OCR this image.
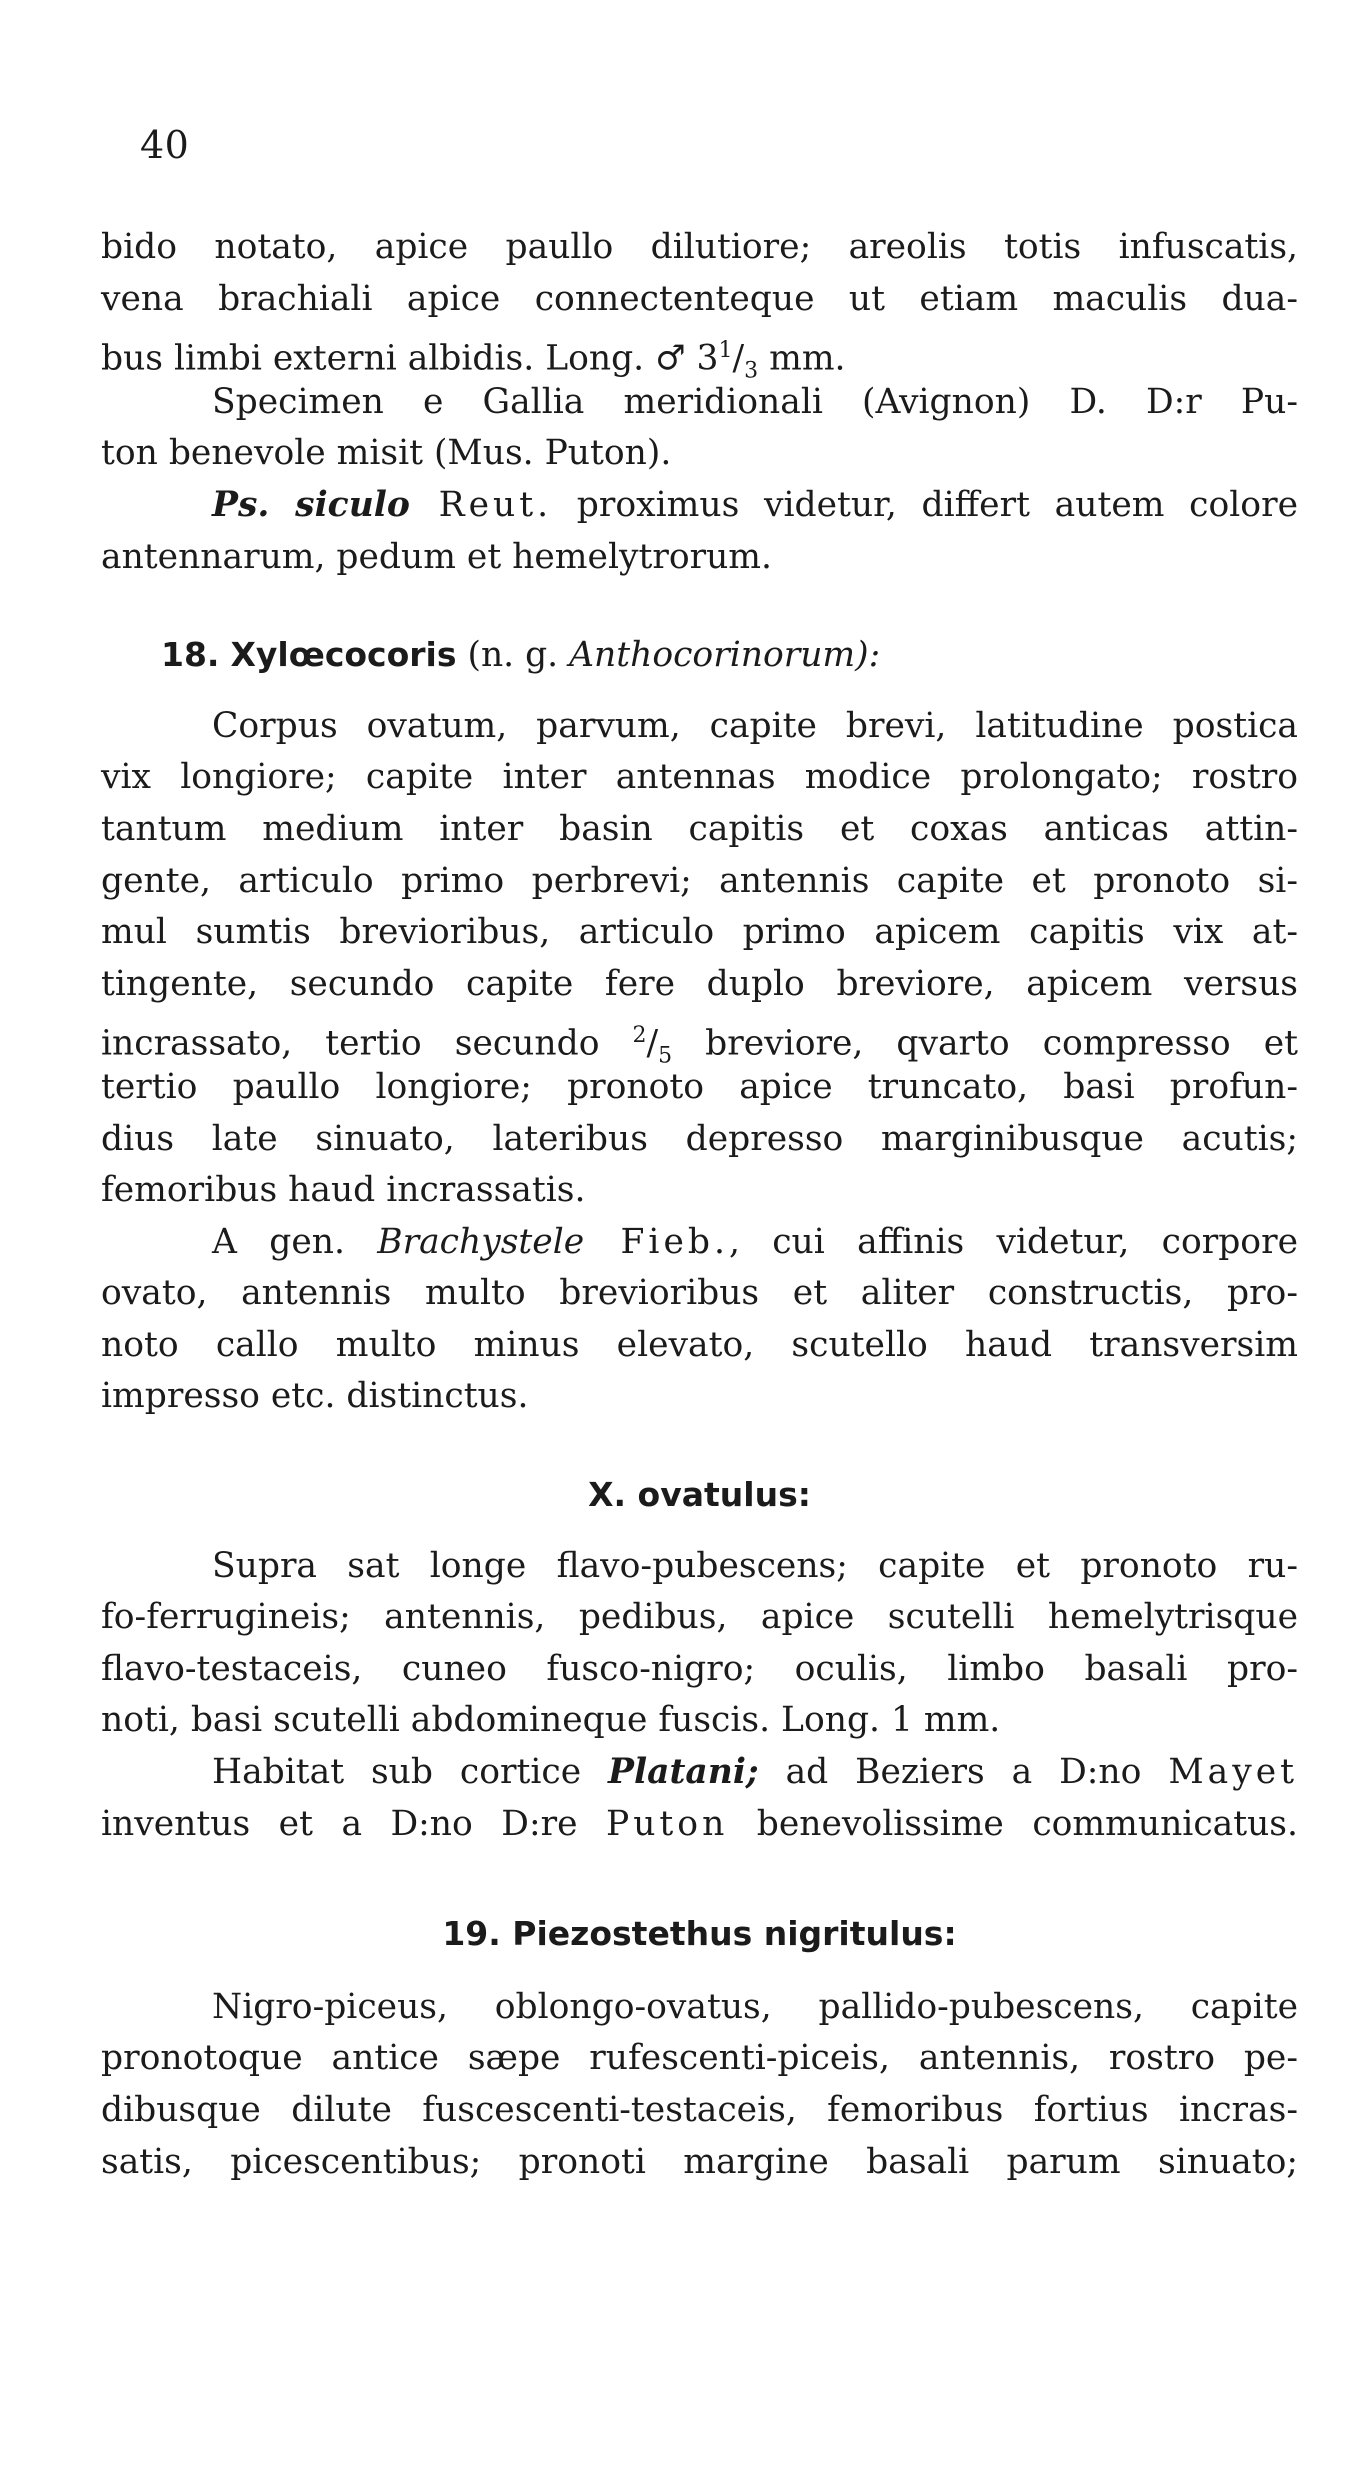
40
bido notato, apice paullo dilutiore; areolis totis infuscatis,
vena brachiali apice connectenteque ut etiam maculis dua-
bus limbi externi albidis. Long. ♂ $3^1/_3$ mm.
Specimen e Gallia meridionali (Avignon) D. D:r Pu-
ton benevole misit (Mus. Puton).
Ps. siculo Reut. proximus videtur, differt autem colore
antennarum, pedum et hemelytrorum.
18. Xylœcocoris (n. g. Anthocorinorum):
Corpus ovatum, parvum, capite brevi, latitudine postica
vix longiore; capite inter antennas modice prolongato; rostro
tantum medium inter basin capitis et coxas anticas attin-
gente, articulo primo perbrevi; antennis capite et pronoto si-
mul sumtis brevioribus, articulo primo apicem capitis vix at-
tingente, secundo capite fere duplo breviore, apicem versus
incrassato, tertio secundo $^2/_5$ breviore, qvarto compresso et
tertio paullo longiore; pronoto apice truncato, basi profun-
dius late sinuato, lateribus depresso marginibusque acutis;
femoribus haud incrassatis.
A gen. Brachystele Fieb., cui affinis videtur, corpore
ovato, antennis multo brevioribus et aliter constructis, pro-
noto callo multo minus elevato, scutello haud transversim
impresso etc. distinctus.
X. ovatulus:
Supra sat longe flavo-pubescens; capite et pronoto ru-
fo-ferrugineis; antennis, pedibus, apice scutelli hemelytrisque
flavo-testaceis, cuneo fusco-nigro; oculis, limbo basali pro-
noti, basi scutelli abdomineque fuscis. Long. 1 mm.
Habitat sub cortice Platani; ad Beziers a D:no Mayet
inventus et a D:no D:re Puton benevolissime communicatus.
19. Piezostethus nigritulus:
Nigro-piceus, oblongo-ovatus, pallido-pubescens, capite
pronotoque antice sæpe rufescenti-piceis, antennis, rostro pe-
dibusque dilute fuscescenti-testaceis, femoribus fortius incras-
satis, picescentibus; pronoti margine basali parum sinuato;
